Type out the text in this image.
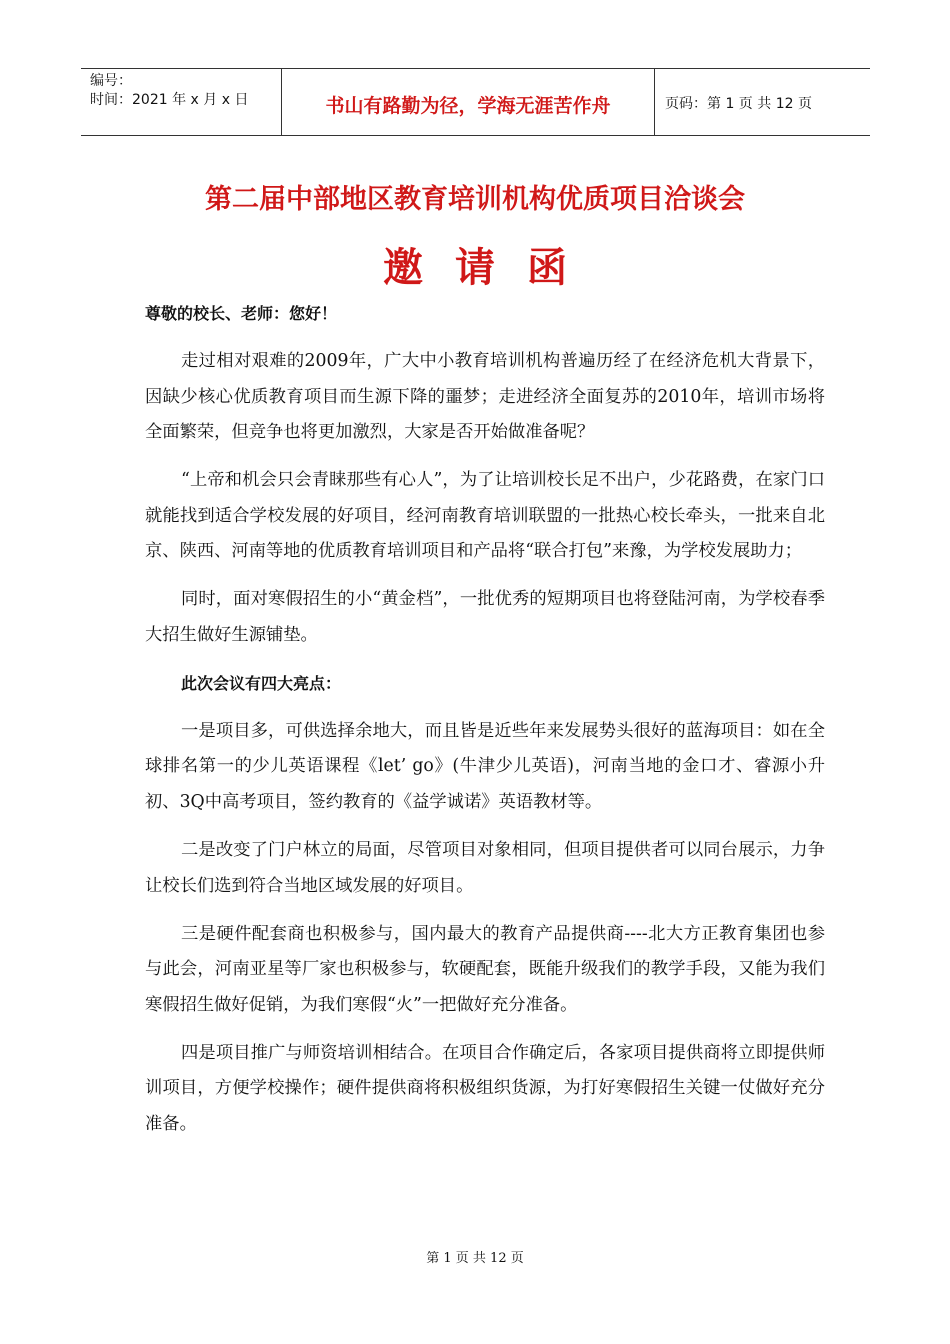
编号：
时间：2021 年 x 月 x 日	书山有路勤为径，学海无涯苦作舟	页码：第 1 页 共 12 页
第二届中部地区教育培训机构优质项目洽谈会
邀请函

尊敬的校长、老师：您好！

走过相对艰难的2009年，广大中小教育培训机构普遍历经了在经济危机大背景下，因缺少核心优质教育项目而生源下降的噩梦；走进经济全面复苏的2010年，培训市场将全面繁荣，但竞争也将更加激烈，大家是否开始做准备呢？

“上帝和机会只会青睐那些有心人”，为了让培训校长足不出户，少花路费，在家门口就能找到适合学校发展的好项目，经河南教育培训联盟的一批热心校长牵头，一批来自北京、陕西、河南等地的优质教育培训项目和产品将“联合打包”来豫，为学校发展助力；

同时，面对寒假招生的小“黄金档”，一批优秀的短期项目也将登陆河南，为学校春季大招生做好生源铺垫。

此次会议有四大亮点：

一是项目多，可供选择余地大，而且皆是近些年来发展势头很好的蓝海项目：如在全球排名第一的少儿英语课程《let’ go》(牛津少儿英语)，河南当地的金口才、睿源小升初、3Q中高考项目，签约教育的《益学诚诺》英语教材等。

二是改变了门户林立的局面，尽管项目对象相同，但项目提供者可以同台展示，力争让校长们选到符合当地区域发展的好项目。

三是硬件配套商也积极参与，国内最大的教育产品提供商----北大方正教育集团也参与此会，河南亚星等厂家也积极参与，软硬配套，既能升级我们的教学手段，又能为我们寒假招生做好促销，为我们寒假“火”一把做好充分准备。

四是项目推广与师资培训相结合。在项目合作确定后，各家项目提供商将立即提供师训项目，方便学校操作；硬件提供商将积极组织货源，为打好寒假招生关键一仗做好充分准备。

第 1 页 共 12 页
